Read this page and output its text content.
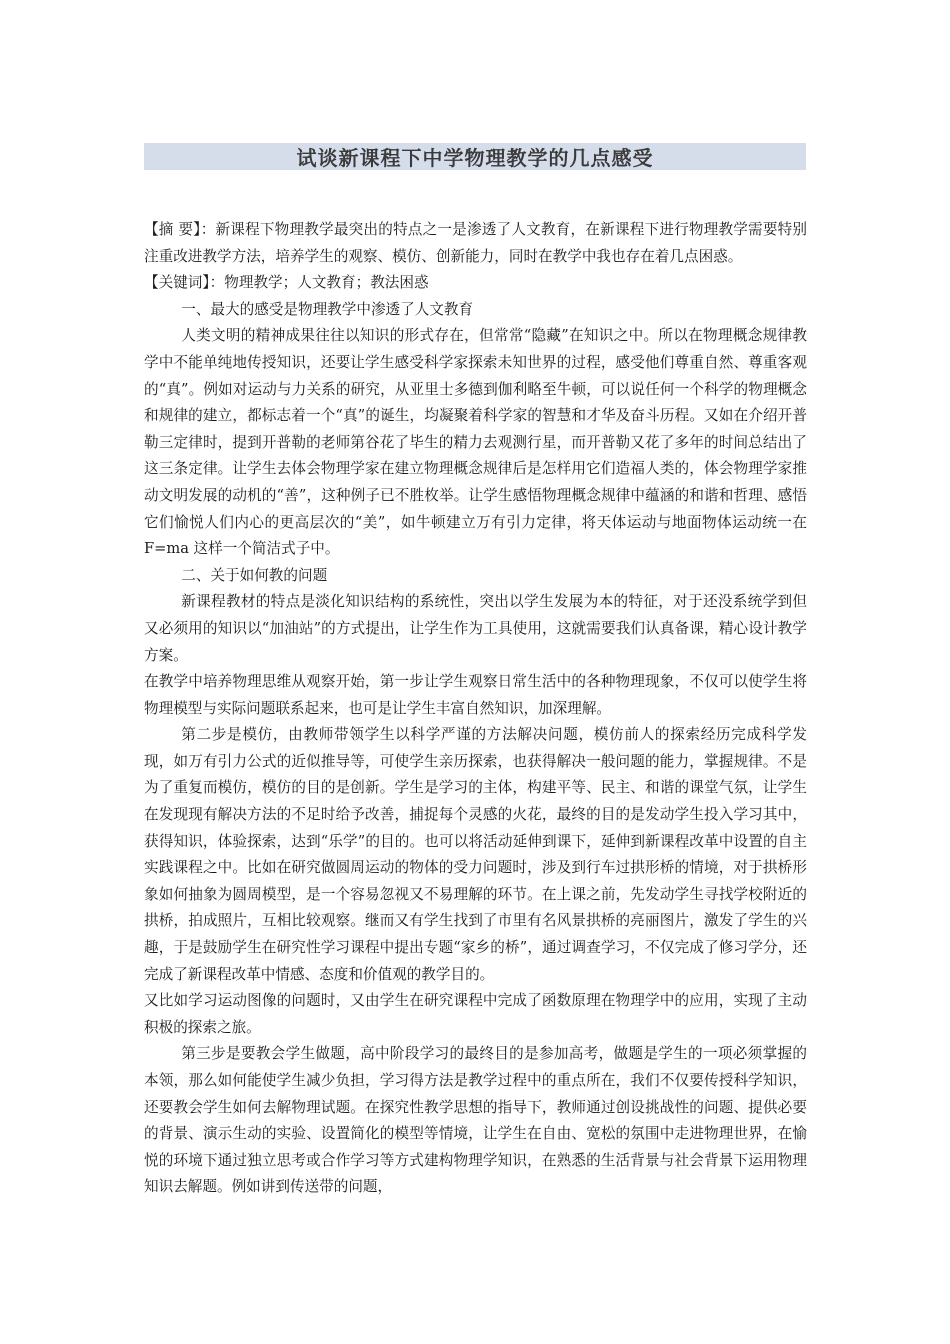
试谈新课程下中学物理教学的几点感受

【摘 要】：新课程下物理教学最突出的特点之一是渗透了人文教育，在新课程下进行物理教学需要特别注重改进教学方法，培养学生的观察、模仿、创新能力，同时在教学中我也存在着几点困惑。

【关键词】：物理教学；人文教育；教法困惑

一、最大的感受是物理教学中渗透了人文教育

人类文明的精神成果往往以知识的形式存在，但常常“隐藏”在知识之中。所以在物理概念规律教学中不能单纯地传授知识，还要让学生感受科学家探索未知世界的过程，感受他们尊重自然、尊重客观的“真”。例如对运动与力关系的研究，从亚里士多德到伽利略至牛顿，可以说任何一个科学的物理概念和规律的建立，都标志着一个“真”的诞生，均凝聚着科学家的智慧和才华及奋斗历程。又如在介绍开普勒三定律时，提到开普勒的老师第谷花了毕生的精力去观测行星，而开普勒又花了多年的时间总结出了这三条定律。让学生去体会物理学家在建立物理概念规律后是怎样用它们造福人类的，体会物理学家推动文明发展的动机的“善”，这种例子已不胜枚举。让学生感悟物理概念规律中蕴涵的和谐和哲理、感悟它们愉悦人们内心的更高层次的“美”，如牛顿建立万有引力定律，将天体运动与地面物体运动统一在 F=ma 这样一个简洁式子中。

二、关于如何教的问题

新课程教材的特点是淡化知识结构的系统性，突出以学生发展为本的特征，对于还没系统学到但又必须用的知识以“加油站”的方式提出，让学生作为工具使用，这就需要我们认真备课，精心设计教学方案。

在教学中培养物理思维从观察开始，第一步让学生观察日常生活中的各种物理现象，不仅可以使学生将物理模型与实际问题联系起来，也可是让学生丰富自然知识，加深理解。

第二步是模仿，由教师带领学生以科学严谨的方法解决问题，模仿前人的探索经历完成科学发现，如万有引力公式的近似推导等，可使学生亲历探索，也获得解决一般问题的能力，掌握规律。不是为了重复而模仿，模仿的目的是创新。学生是学习的主体，构建平等、民主、和谐的课堂气氛，让学生在发现现有解决方法的不足时给予改善，捕捉每个灵感的火花，最终的目的是发动学生投入学习其中，获得知识，体验探索，达到“乐学”的目的。也可以将活动延伸到课下，延伸到新课程改革中设置的自主实践课程之中。比如在研究做圆周运动的物体的受力问题时，涉及到行车过拱形桥的情境，对于拱桥形象如何抽象为圆周模型，是一个容易忽视又不易理解的环节。在上课之前，先发动学生寻找学校附近的拱桥，拍成照片，互相比较观察。继而又有学生找到了市里有名风景拱桥的亮丽图片，激发了学生的兴趣，于是鼓励学生在研究性学习课程中提出专题“家乡的桥”，通过调查学习，不仅完成了修习学分，还完成了新课程改革中情感、态度和价值观的教学目的。

又比如学习运动图像的问题时，又由学生在研究课程中完成了函数原理在物理学中的应用，实现了主动积极的探索之旅。

第三步是要教会学生做题，高中阶段学习的最终目的是参加高考，做题是学生的一项必须掌握的本领，那么如何能使学生减少负担，学习得方法是教学过程中的重点所在，我们不仅要传授科学知识，还要教会学生如何去解物理试题。在探究性教学思想的指导下，教师通过创设挑战性的问题、提供必要的背景、演示生动的实验、设置简化的模型等情境，让学生在自由、宽松的氛围中走进物理世界，在愉悦的环境下通过独立思考或合作学习等方式建构物理学知识，在熟悉的生活背景与社会背景下运用物理知识去解题。例如讲到传送带的问题，
